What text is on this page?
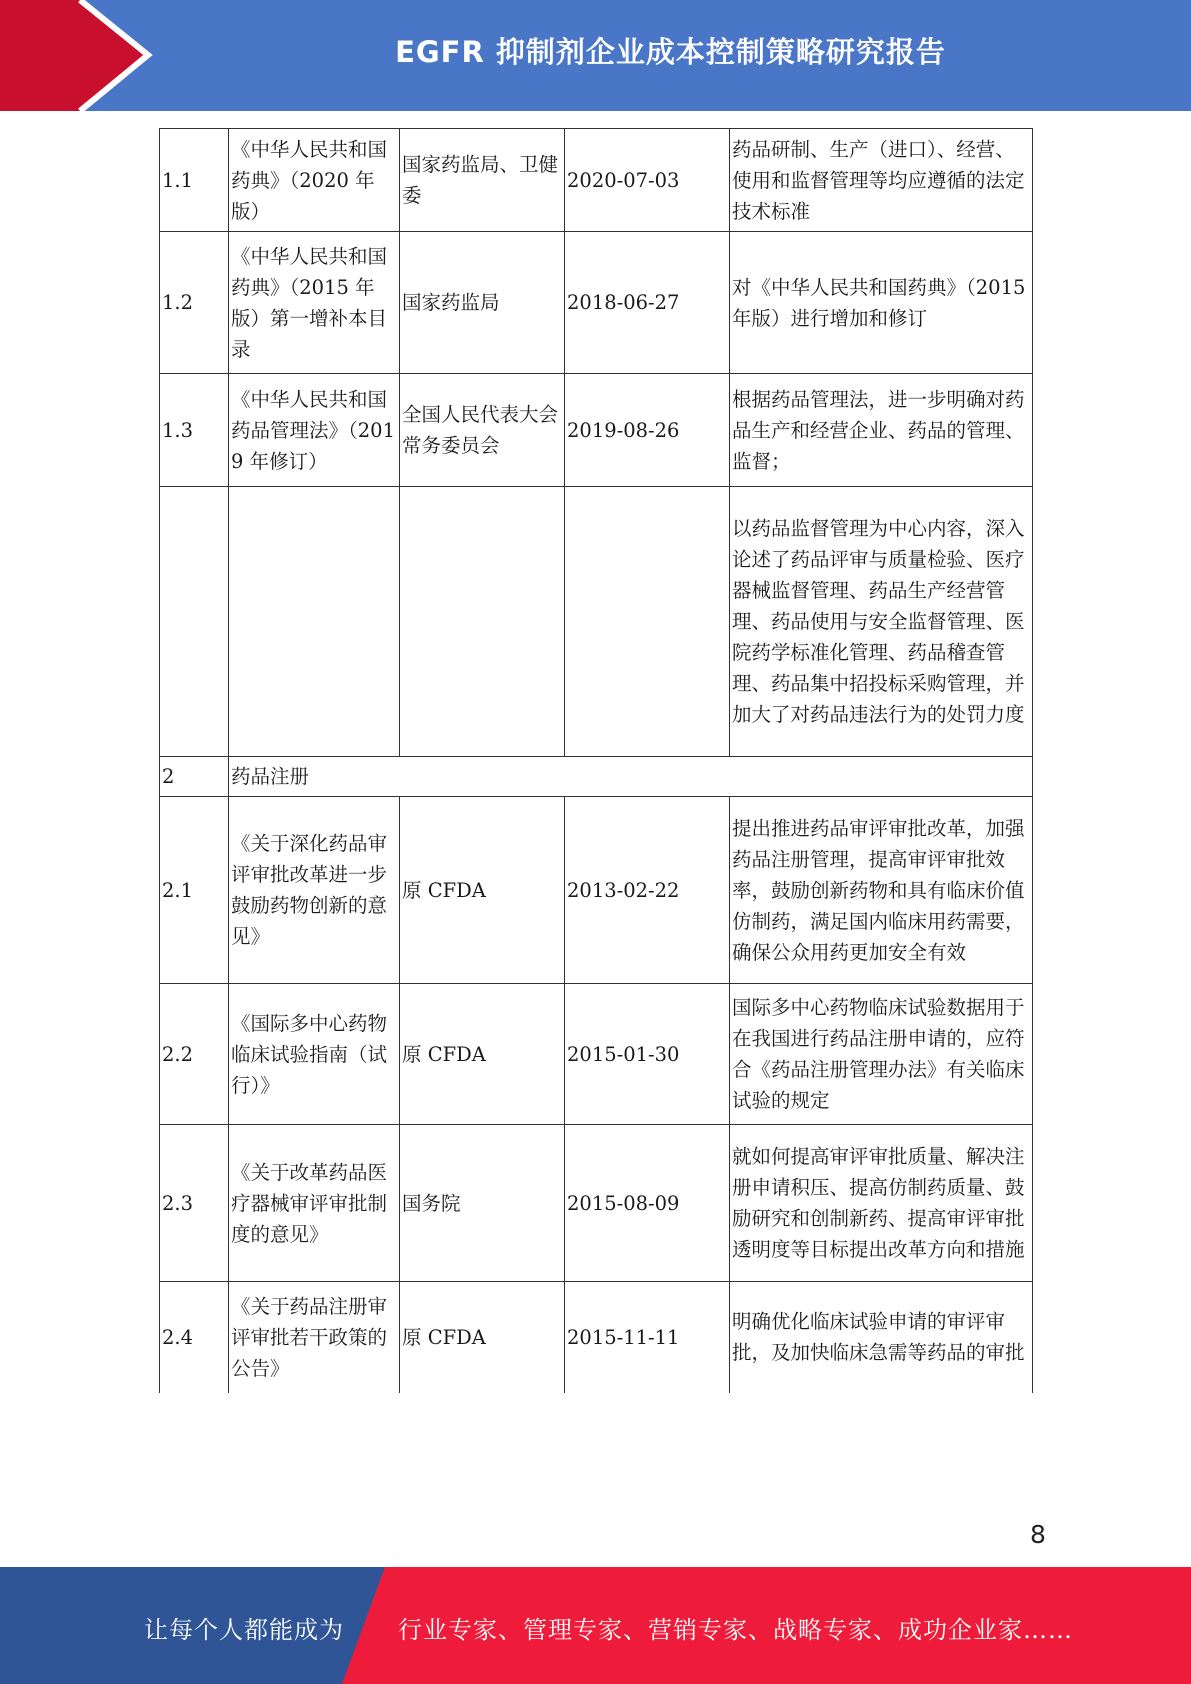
EGFR 抑制剂企业成本控制策略研究报告
1.1	《中华人民共和国药典》（2020 年版）	国家药监局、卫健委	2020-07-03	药品研制、生产（进口）、经营、使用和监督管理等均应遵循的法定技术标准
1.2	《中华人民共和国药典》（2015 年版）第一增补本目录	国家药监局	2018-06-27	对《中华人民共和国药典》（2015 年版）进行增加和修订
1.3	《中华人民共和国药品管理法》（2019 年修订）	全国人民代表大会常务委员会	2019-08-26	根据药品管理法，进一步明确对药品生产和经营企业、药品的管理、监督；
				以药品监督管理为中心内容，深入论述了药品评审与质量检验、医疗器械监督管理、药品生产经营管理、药品使用与安全监督管理、医院药学标准化管理、药品稽查管理、药品集中招投标采购管理，并加大了对药品违法行为的处罚力度
2	药品注册			
2.1	《关于深化药品审评审批改革进一步鼓励药物创新的意见》	原 CFDA	2013-02-22	提出推进药品审评审批改革，加强药品注册管理，提高审评审批效率，鼓励创新药物和具有临床价值仿制药，满足国内临床用药需要，确保公众用药更加安全有效
2.2	《国际多中心药物临床试验指南（试行）》	原 CFDA	2015-01-30	国际多中心药物临床试验数据用于在我国进行药品注册申请的，应符合《药品注册管理办法》有关临床试验的规定
2.3	《关于改革药品医疗器械审评审批制度的意见》	国务院	2015-08-09	就如何提高审评审批质量、解决注册申请积压、提高仿制药质量、鼓励研究和创制新药、提高审评审批透明度等目标提出改革方向和措施
2.4	《关于药品注册审评审批若干政策的公告》	原 CFDA	2015-11-11	明确优化临床试验申请的审评审批，及加快临床急需等药品的审批
8
让每个人都能成为 行业专家、管理专家、营销专家、战略专家、成功企业家……
